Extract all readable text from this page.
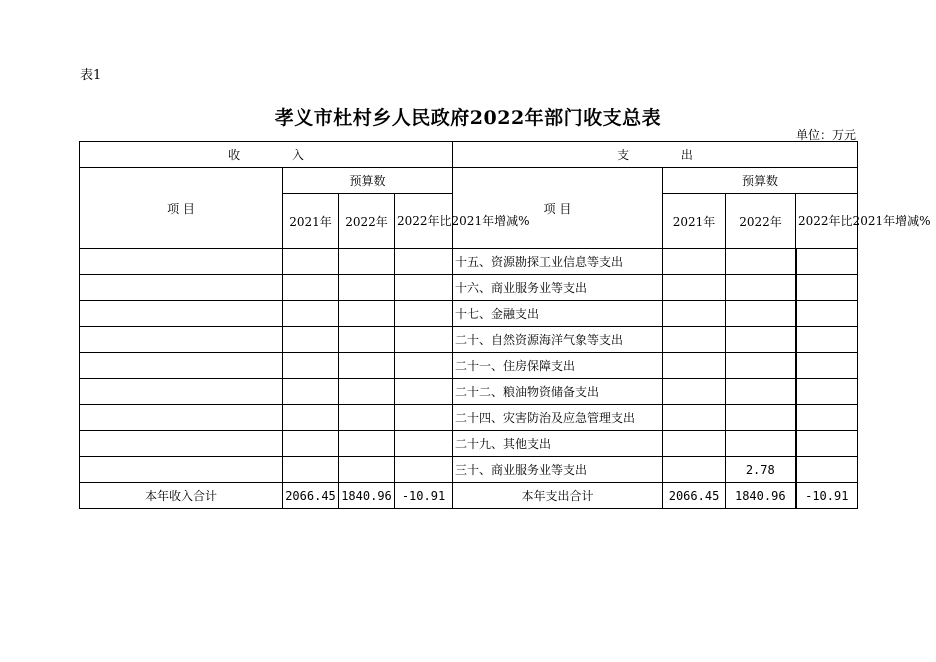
表1
孝义市杜村乡人民政府2022年部门收支总表
单位：万元
收 入				支 出			
项 目	预算数			项 目	预算数		
	2021年	2022年	2022年比2021年增减%		2021年	2022年	2022年比2021年增减%
				十五、资源勘探工业信息等支出			
				十六、商业服务业等支出			
				十七、金融支出			
				二十、自然资源海洋气象等支出			
				二十一、住房保障支出			
				二十二、粮油物资储备支出			
				二十四、灾害防治及应急管理支出			
				二十九、其他支出			
				三十、商业服务业等支出		2.78	
本年收入合计	2066.45	1840.96	-10.91	本年支出合计	2066.45	1840.96	-10.91
